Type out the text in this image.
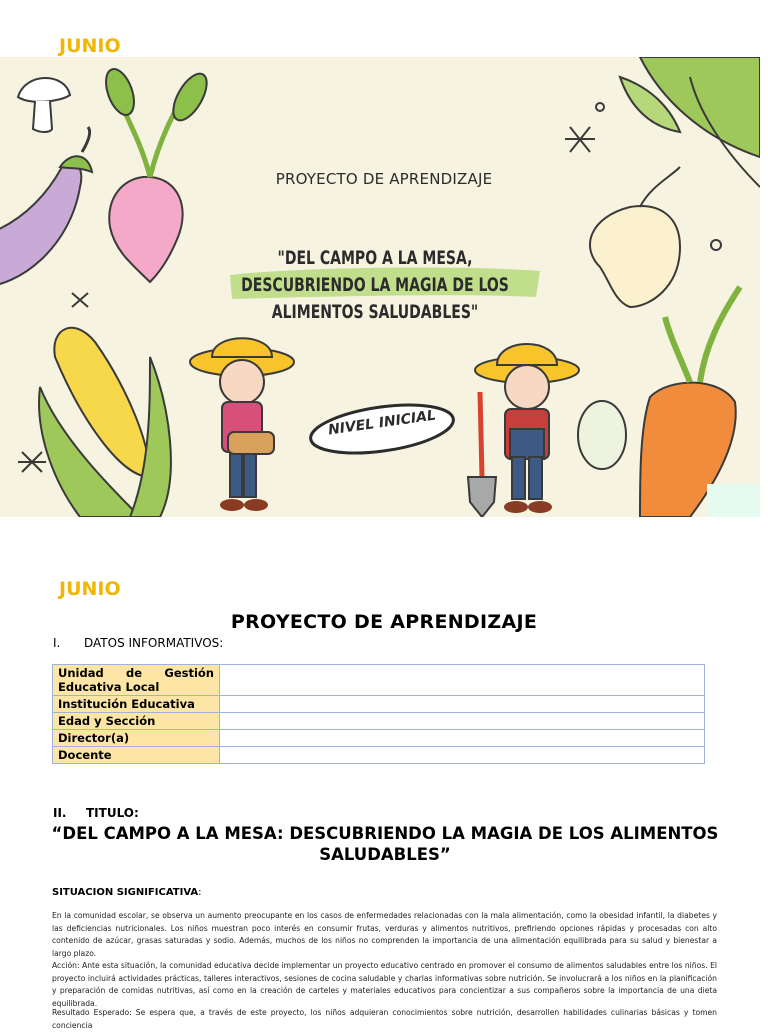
JUNIO
PROYECTO DE APRENDIZAJE
"DEL CAMPO A LA MESA, DESCUBRIENDO LA MAGIA DE LOS ALIMENTOS SALUDABLES"
NIVEL INICIAL
JUNIO
PROYECTO DE APRENDIZAJE
I. DATOS INFORMATIVOS:
Unidad de Gestión Educativa Local	
Institución Educativa	
Edad y Sección	
Director(a)	
Docente	
II. TITULO:
“DEL CAMPO A LA MESA: DESCUBRIENDO LA MAGIA DE LOS ALIMENTOS SALUDABLES”
SITUACION SIGNIFICATIVA:
En la comunidad escolar, se observa un aumento preocupante en los casos de enfermedades relacionadas con la mala alimentación, como la obesidad infantil, la diabetes y las deficiencias nutricionales. Los niños muestran poco interés en consumir frutas, verduras y alimentos nutritivos, prefiriendo opciones rápidas y procesadas con alto contenido de azúcar, grasas saturadas y sodio. Además, muchos de los niños no comprenden la importancia de una alimentación equilibrada para su salud y bienestar a largo plazo.
Acción: Ante esta situación, la comunidad educativa decide implementar un proyecto educativo centrado en promover el consumo de alimentos saludables entre los niños. El proyecto incluirá actividades prácticas, talleres interactivos, sesiones de cocina saludable y charlas informativas sobre nutrición. Se involucrará a los niños en la planificación y preparación de comidas nutritivas, así como en la creación de carteles y materiales educativos para concientizar a sus compañeros sobre la importancia de una dieta equilibrada.
Resultado Esperado: Se espera que, a través de este proyecto, los niños adquieran conocimientos sobre nutrición, desarrollen habilidades culinarias básicas y tomen conciencia
